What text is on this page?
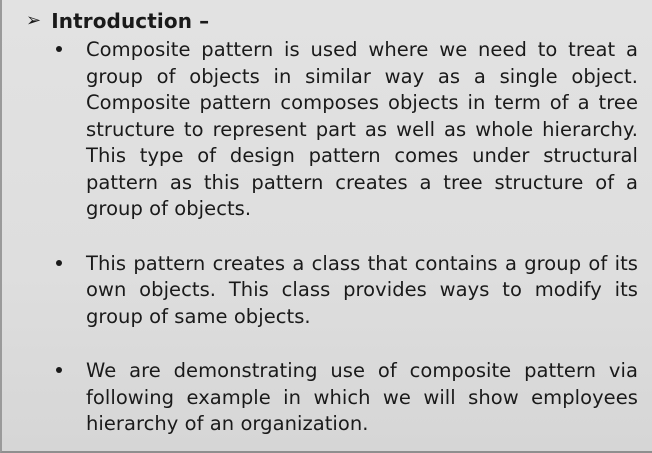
➢ Introduction –
Composite pattern is used where we need to treat a group of objects in similar way as a single object. Composite pattern composes objects in term of a tree structure to represent part as well as whole hierarchy. This type of design pattern comes under structural pattern as this pattern creates a tree structure of a group of objects.
This pattern creates a class that contains a group of its own objects. This class provides ways to modify its group of same objects.
We are demonstrating use of composite pattern via following example in which we will show employees hierarchy of an organization.
